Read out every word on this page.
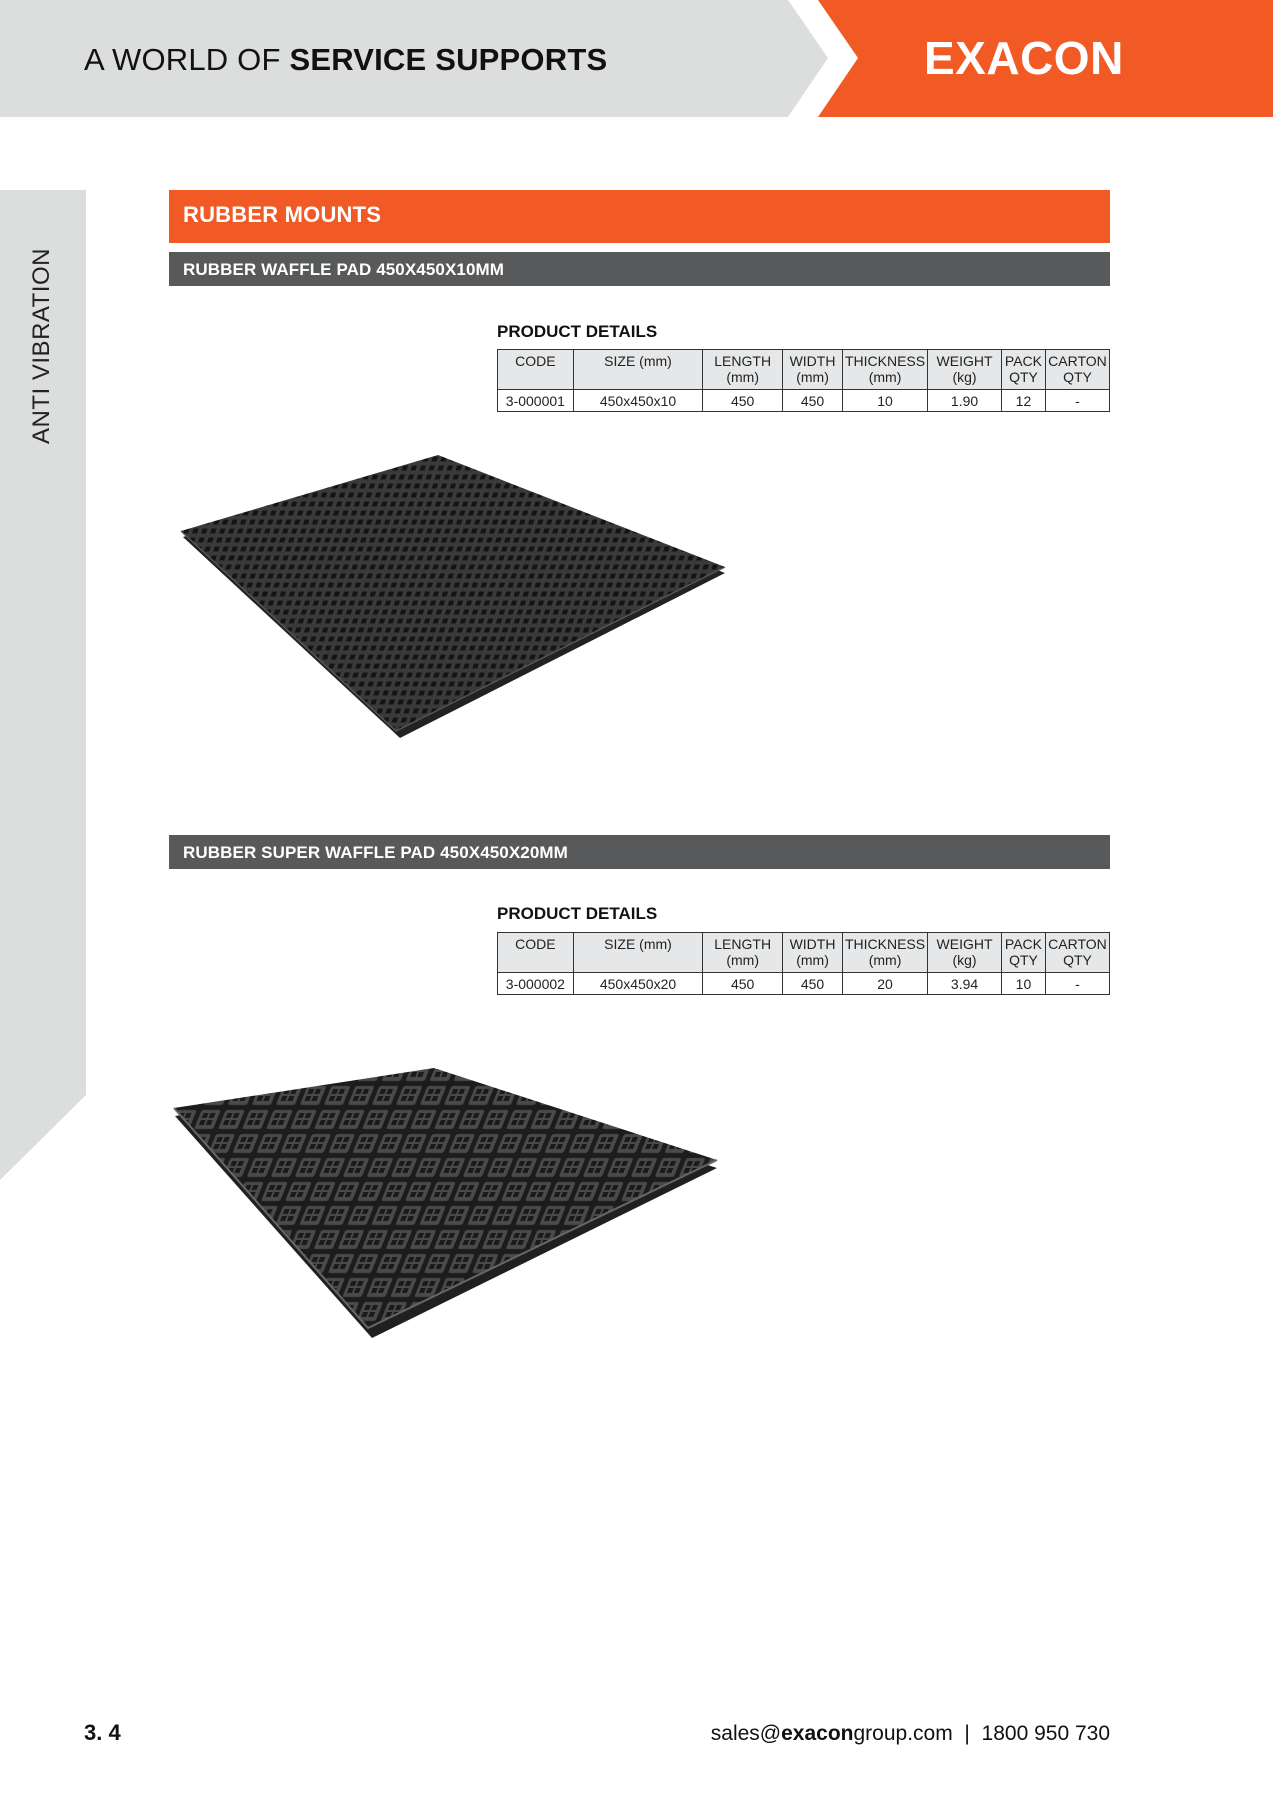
A WORLD OF SERVICE SUPPORTS	EXACON
ANTI VIBRATION
RUBBER MOUNTS
RUBBER WAFFLE PAD 450X450X10MM
PRODUCT DETAILS
CODE	SIZE (mm)	LENGTH (mm)	WIDTH (mm)	THICKNESS (mm)	WEIGHT (kg)	PACK QTY	CARTON QTY
3-000001	450x450x10	450	450	10	1.90	12	-
RUBBER SUPER WAFFLE PAD 450X450X20MM
PRODUCT DETAILS
CODE	SIZE (mm)	LENGTH (mm)	WIDTH (mm)	THICKNESS (mm)	WEIGHT (kg)	PACK QTY	CARTON QTY
3-000002	450x450x20	450	450	20	3.94	10	-
3. 4	sales@exacongroup.com | 1800 950 730
